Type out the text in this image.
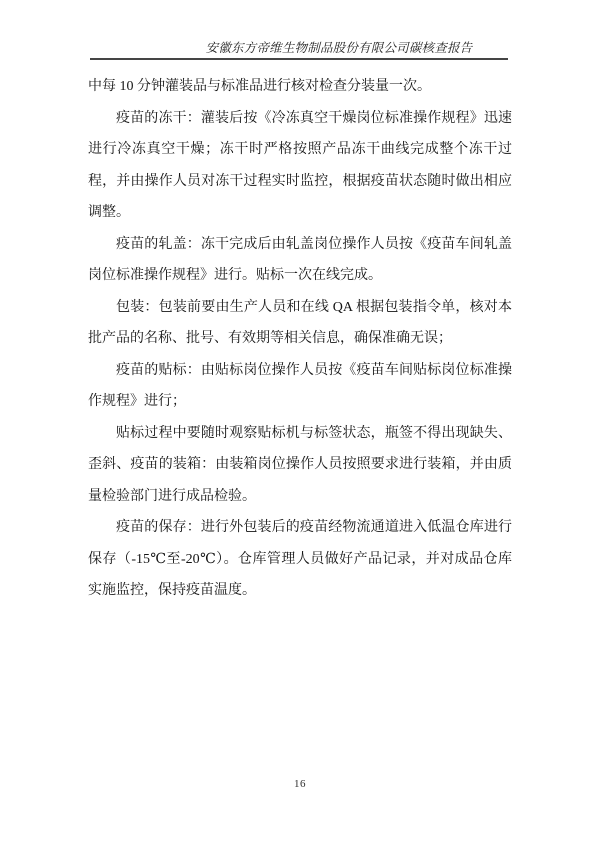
安徽东方帝维生物制品股份有限公司碳核查报告

中每 10 分钟灌装品与标准品进行核对检查分装量一次。

疫苗的冻干：灌装后按《冷冻真空干燥岗位标准操作规程》迅速进行冷冻真空干燥；冻干时严格按照产品冻干曲线完成整个冻干过程，并由操作人员对冻干过程实时监控，根据疫苗状态随时做出相应调整。

疫苗的轧盖：冻干完成后由轧盖岗位操作人员按《疫苗车间轧盖岗位标准操作规程》进行。贴标一次在线完成。

包装：包装前要由生产人员和在线 QA 根据包装指令单，核对本批产品的名称、批号、有效期等相关信息，确保准确无误；

疫苗的贴标：由贴标岗位操作人员按《疫苗车间贴标岗位标准操作规程》进行；

贴标过程中要随时观察贴标机与标签状态，瓶签不得出现缺失、歪斜、疫苗的装箱：由装箱岗位操作人员按照要求进行装箱，并由质量检验部门进行成品检验。

疫苗的保存：进行外包装后的疫苗经物流通道进入低温仓库进行保存（-15℃至-20℃）。仓库管理人员做好产品记录，并对成品仓库实施监控，保持疫苗温度。

16
